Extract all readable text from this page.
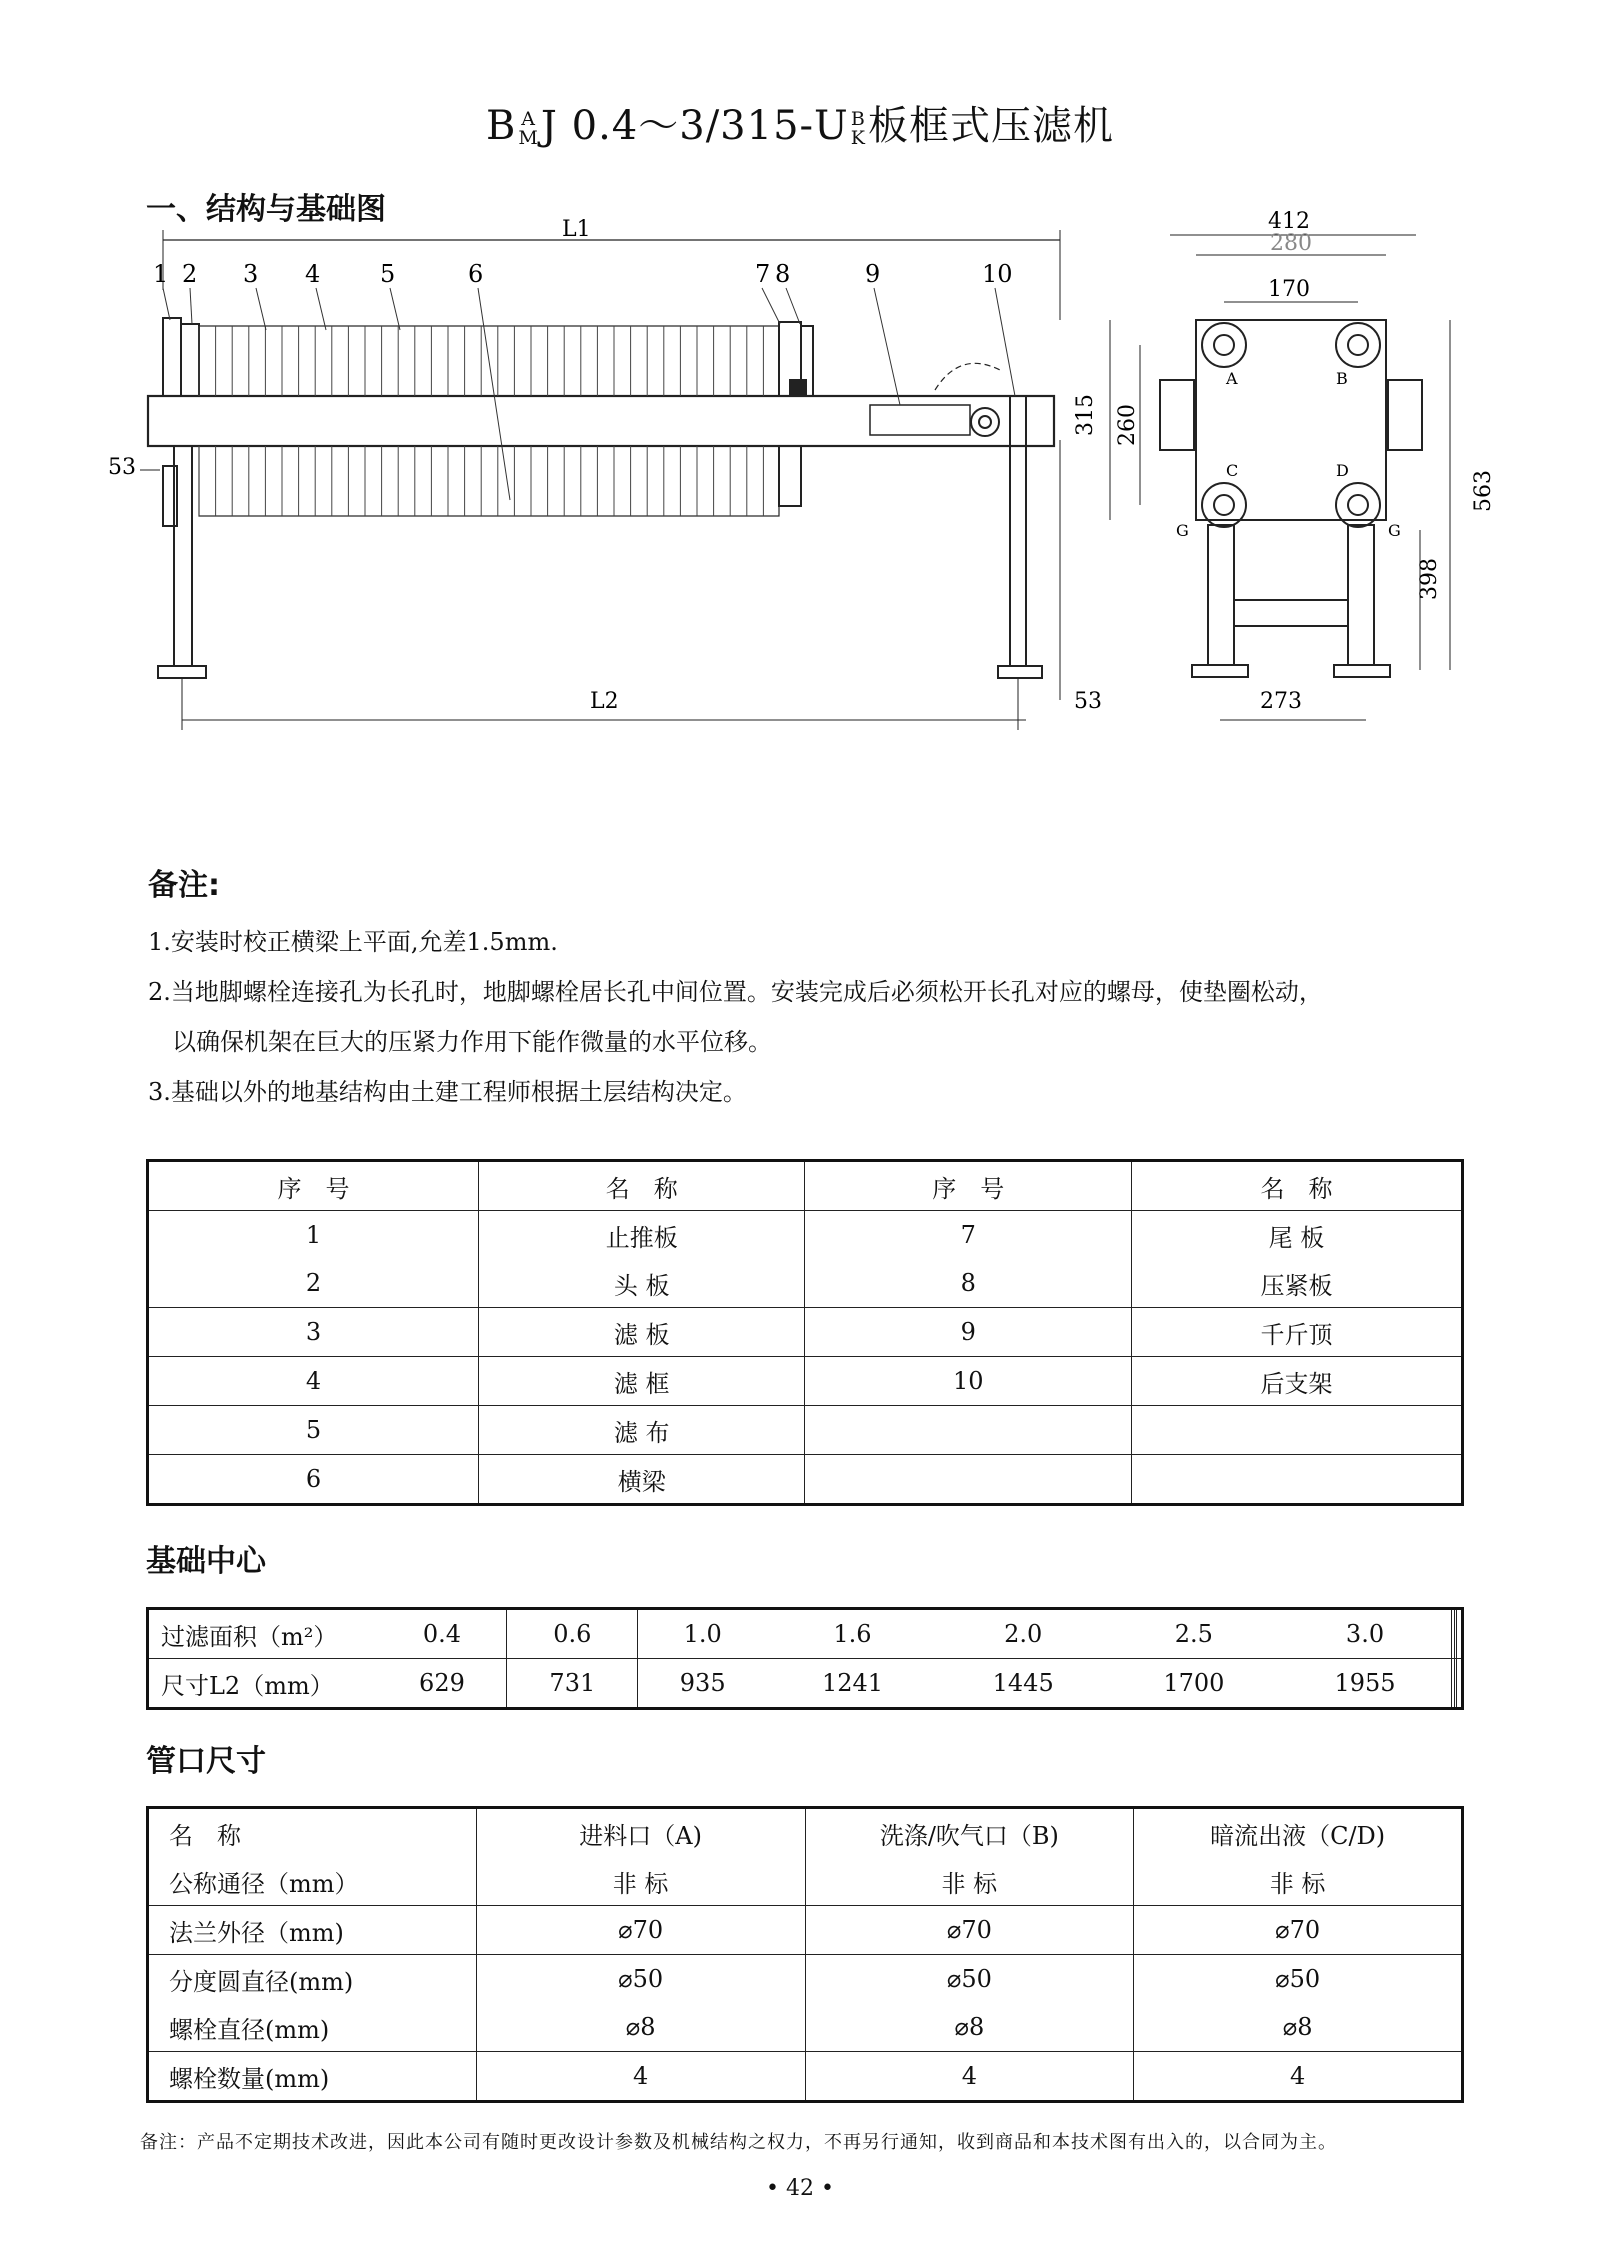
B A
M J 0.4～3/315-U B
K 板框式压滤机
一、结构与基础图
L1
L2
53
53
1 2 3 4 5	6	7 8	9	10
412
280
170
273
315 260
563
398
A	B
C	D
G	G
备注:
1.安装时校正横梁上平面,允差1.5mm.
2.当地脚螺栓连接孔为长孔时，地脚螺栓居长孔中间位置。安装完成后必须松开长孔对应的螺母，使垫圈松动，
以确保机架在巨大的压紧力作用下能作微量的水平位移。
3.基础以外的地基结构由土建工程师根据土层结构决定。
序　号	名　称	序　号	名　称
1	止推板	7	尾 板
2	头 板	8	压紧板
3	滤 板	9	千斤顶
4	滤 框	10	后支架
5	滤 布		
6	横梁		
基础中心
过滤面积（m²）	0.4	0.6	1.0	1.6	2.0	2.5	3.0			
尺寸L2（mm）	629	731	935	1241	1445	1700	1955			
管口尺寸
名　称	进料口（A)	洗涤/吹气口（B)	暗流出液（C/D)
公称通径（mm）	非 标	非 标	非 标
法兰外径（mm)	⌀70	⌀70	⌀70
分度圆直径(mm)	⌀50	⌀50	⌀50
螺栓直径(mm)	⌀8	⌀8	⌀8
螺栓数量(mm)	4	4	4
备注：产品不定期技术改进，因此本公司有随时更改设计参数及机械结构之权力，不再另行通知，收到商品和本技术图有出入的，以合同为主。
• 42 •
